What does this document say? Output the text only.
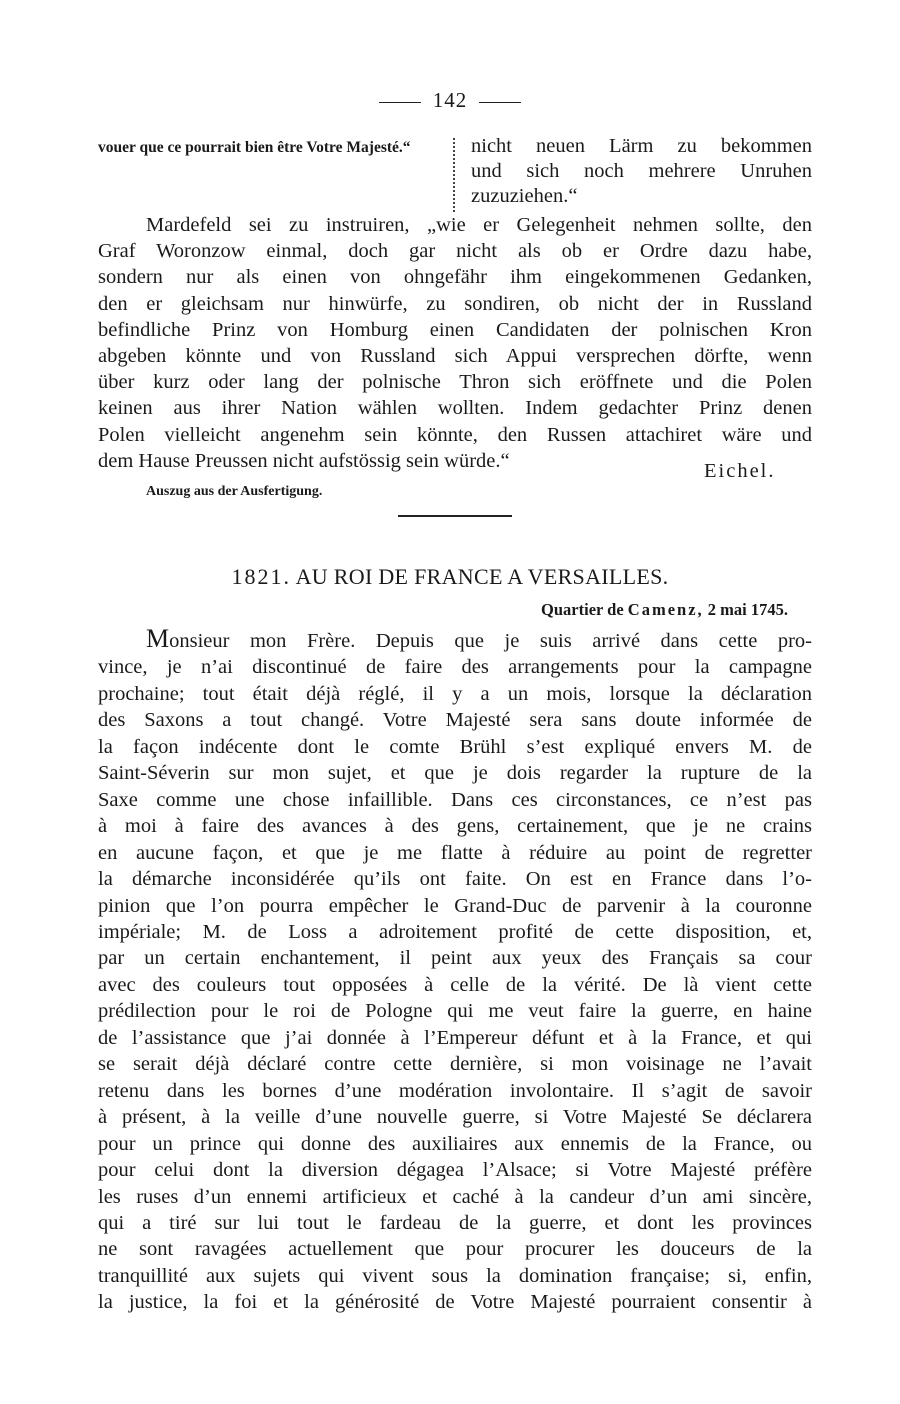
142
vouer que ce pourrait bien être Votre Majesté.“	nicht neuen Lärm zu bekommen
und sich noch mehrere Unruhen
zuzuziehen.“
Mardefeld sei zu instruiren, „wie er Gelegenheit nehmen sollte, den
Graf Woronzow einmal, doch gar nicht als ob er Ordre dazu habe,
sondern nur als einen von ohngefähr ihm eingekommenen Gedanken,
den er gleichsam nur hinwürfe, zu sondiren, ob nicht der in Russland
befindliche Prinz von Homburg einen Candidaten der polnischen Kron
abgeben könnte und von Russland sich Appui versprechen dörfte, wenn
über kurz oder lang der polnische Thron sich eröffnete und die Polen
keinen aus ihrer Nation wählen wollten. Indem gedachter Prinz denen
Polen vielleicht angenehm sein könnte, den Russen attachiret wäre und
dem Hause Preussen nicht aufstössig sein würde.“	Eichel.
Auszug aus der Ausfertigung.
1821. AU ROI DE FRANCE A VERSAILLES.
Quartier de Camenz, 2 mai 1745.
Monsieur mon Frère. Depuis que je suis arrivé dans cette pro-
vince, je n’ai discontinué de faire des arrangements pour la campagne
prochaine; tout était déjà réglé, il y a un mois, lorsque la déclaration
des Saxons a tout changé. Votre Majesté sera sans doute informée de
la façon indécente dont le comte Brühl s’est expliqué envers M. de
Saint-Séverin sur mon sujet, et que je dois regarder la rupture de la
Saxe comme une chose infaillible. Dans ces circonstances, ce n’est pas
à moi à faire des avances à des gens, certainement, que je ne crains
en aucune façon, et que je me flatte à réduire au point de regretter
la démarche inconsidérée qu’ils ont faite. On est en France dans l’o-
pinion que l’on pourra empêcher le Grand-Duc de parvenir à la couronne
impériale; M. de Loss a adroitement profité de cette disposition, et,
par un certain enchantement, il peint aux yeux des Français sa cour
avec des couleurs tout opposées à celle de la vérité. De là vient cette
prédilection pour le roi de Pologne qui me veut faire la guerre, en haine
de l’assistance que j’ai donnée à l’Empereur défunt et à la France, et qui
se serait déjà déclaré contre cette dernière, si mon voisinage ne l’avait
retenu dans les bornes d’une modération involontaire. Il s’agit de savoir
à présent, à la veille d’une nouvelle guerre, si Votre Majesté Se déclarera
pour un prince qui donne des auxiliaires aux ennemis de la France, ou
pour celui dont la diversion dégagea l’Alsace; si Votre Majesté préfère
les ruses d’un ennemi artificieux et caché à la candeur d’un ami sincère,
qui a tiré sur lui tout le fardeau de la guerre, et dont les provinces
ne sont ravagées actuellement que pour procurer les douceurs de la
tranquillité aux sujets qui vivent sous la domination française; si, enfin,
la justice, la foi et la générosité de Votre Majesté pourraient consentir à
